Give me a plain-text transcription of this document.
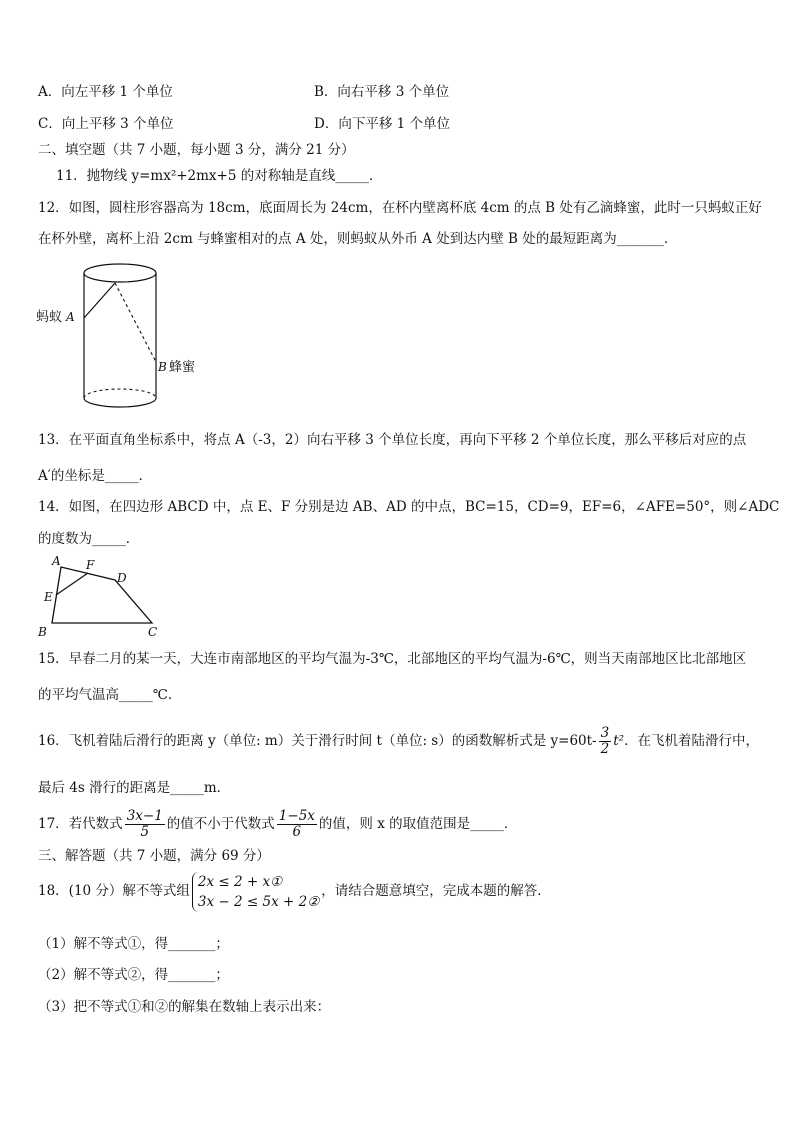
A．向左平移 1 个单位	B．向右平移 3 个单位
C．向上平移 3 个单位	D．向下平移 1 个单位
二、填空题（共 7 小题，每小题 3 分，满分 21 分）
11．抛物线 y=mx²+2mx+5 的对称轴是直线_____．
12．如图，圆柱形容器高为 18cm，底面周长为 24cm，在杯内壁离杯底 4cm 的点 B 处有乙滴蜂蜜，此时一只蚂蚁正好
在杯外壁，离杯上沿 2cm 与蜂蜜相对的点 A 处，则蚂蚁从外币 A 处到达内壁 B 处的最短距离为_______．
蚂蚁 A
B 蜂蜜
13．在平面直角坐标系中，将点 A（-3，2）向右平移 3 个单位长度，再向下平移 2 个单位长度，那么平移后对应的点
A′的坐标是_____．
14．如图，在四边形 ABCD 中，点 E、F 分别是边 AB、AD 的中点，BC=15，CD=9，EF=6，∠AFE=50°，则∠ADC
的度数为_____．
A F
D
E
B	C
15．早春二月的某一天，大连市南部地区的平均气温为-3℃，北部地区的平均气温为-6℃，则当天南部地区比北部地区
的平均气温高_____℃．
16．飞机着陆后滑行的距离 y（单位: m）关于滑行时间 t（单位: s）的函数解析式是 $y=60t- \frac{3}{2} t^2$．在飞机着陆滑行中，
最后 4s 滑行的距离是_____m．
17．若代数式 $\frac{3x-1}{5}$ 的值不小于代数式 $\frac{1-5x}{6}$ 的值，则 x 的取值范围是_____．
三、解答题（共 7 小题，满分 69 分）
18．(10 分）解不等式组
2x ≤ 2 + x①
3x − 2 ≤ 5x + 2②
，请结合题意填空，完成本题的解答．
（1）解不等式①，得_______；
（2）解不等式②，得_______；
（3）把不等式①和②的解集在数轴上表示出来：
